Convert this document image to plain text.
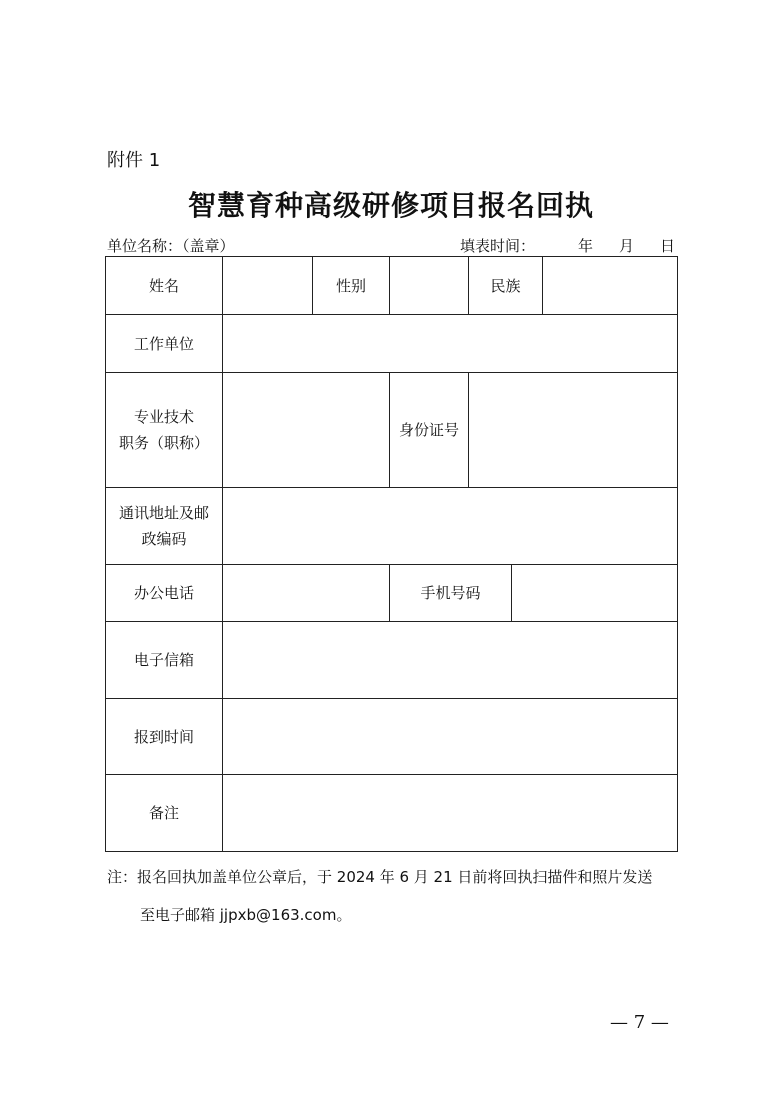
附件 1
智慧育种高级研修项目报名回执
单位名称：（盖章）	填表时间：	年 月 日
姓名		性别		民族		
工作单位						

专业技术
职务（职称）			身份证号			

通讯地址及邮
政编码						

办公电话			手机号码			
电子信箱						
报到时间						
备注						
注：报名回执加盖单位公章后，于 2024 年 6 月 21 日前将回执扫描件和照片发送
至电子邮箱 jjpxb@163.com。
— 7 —
